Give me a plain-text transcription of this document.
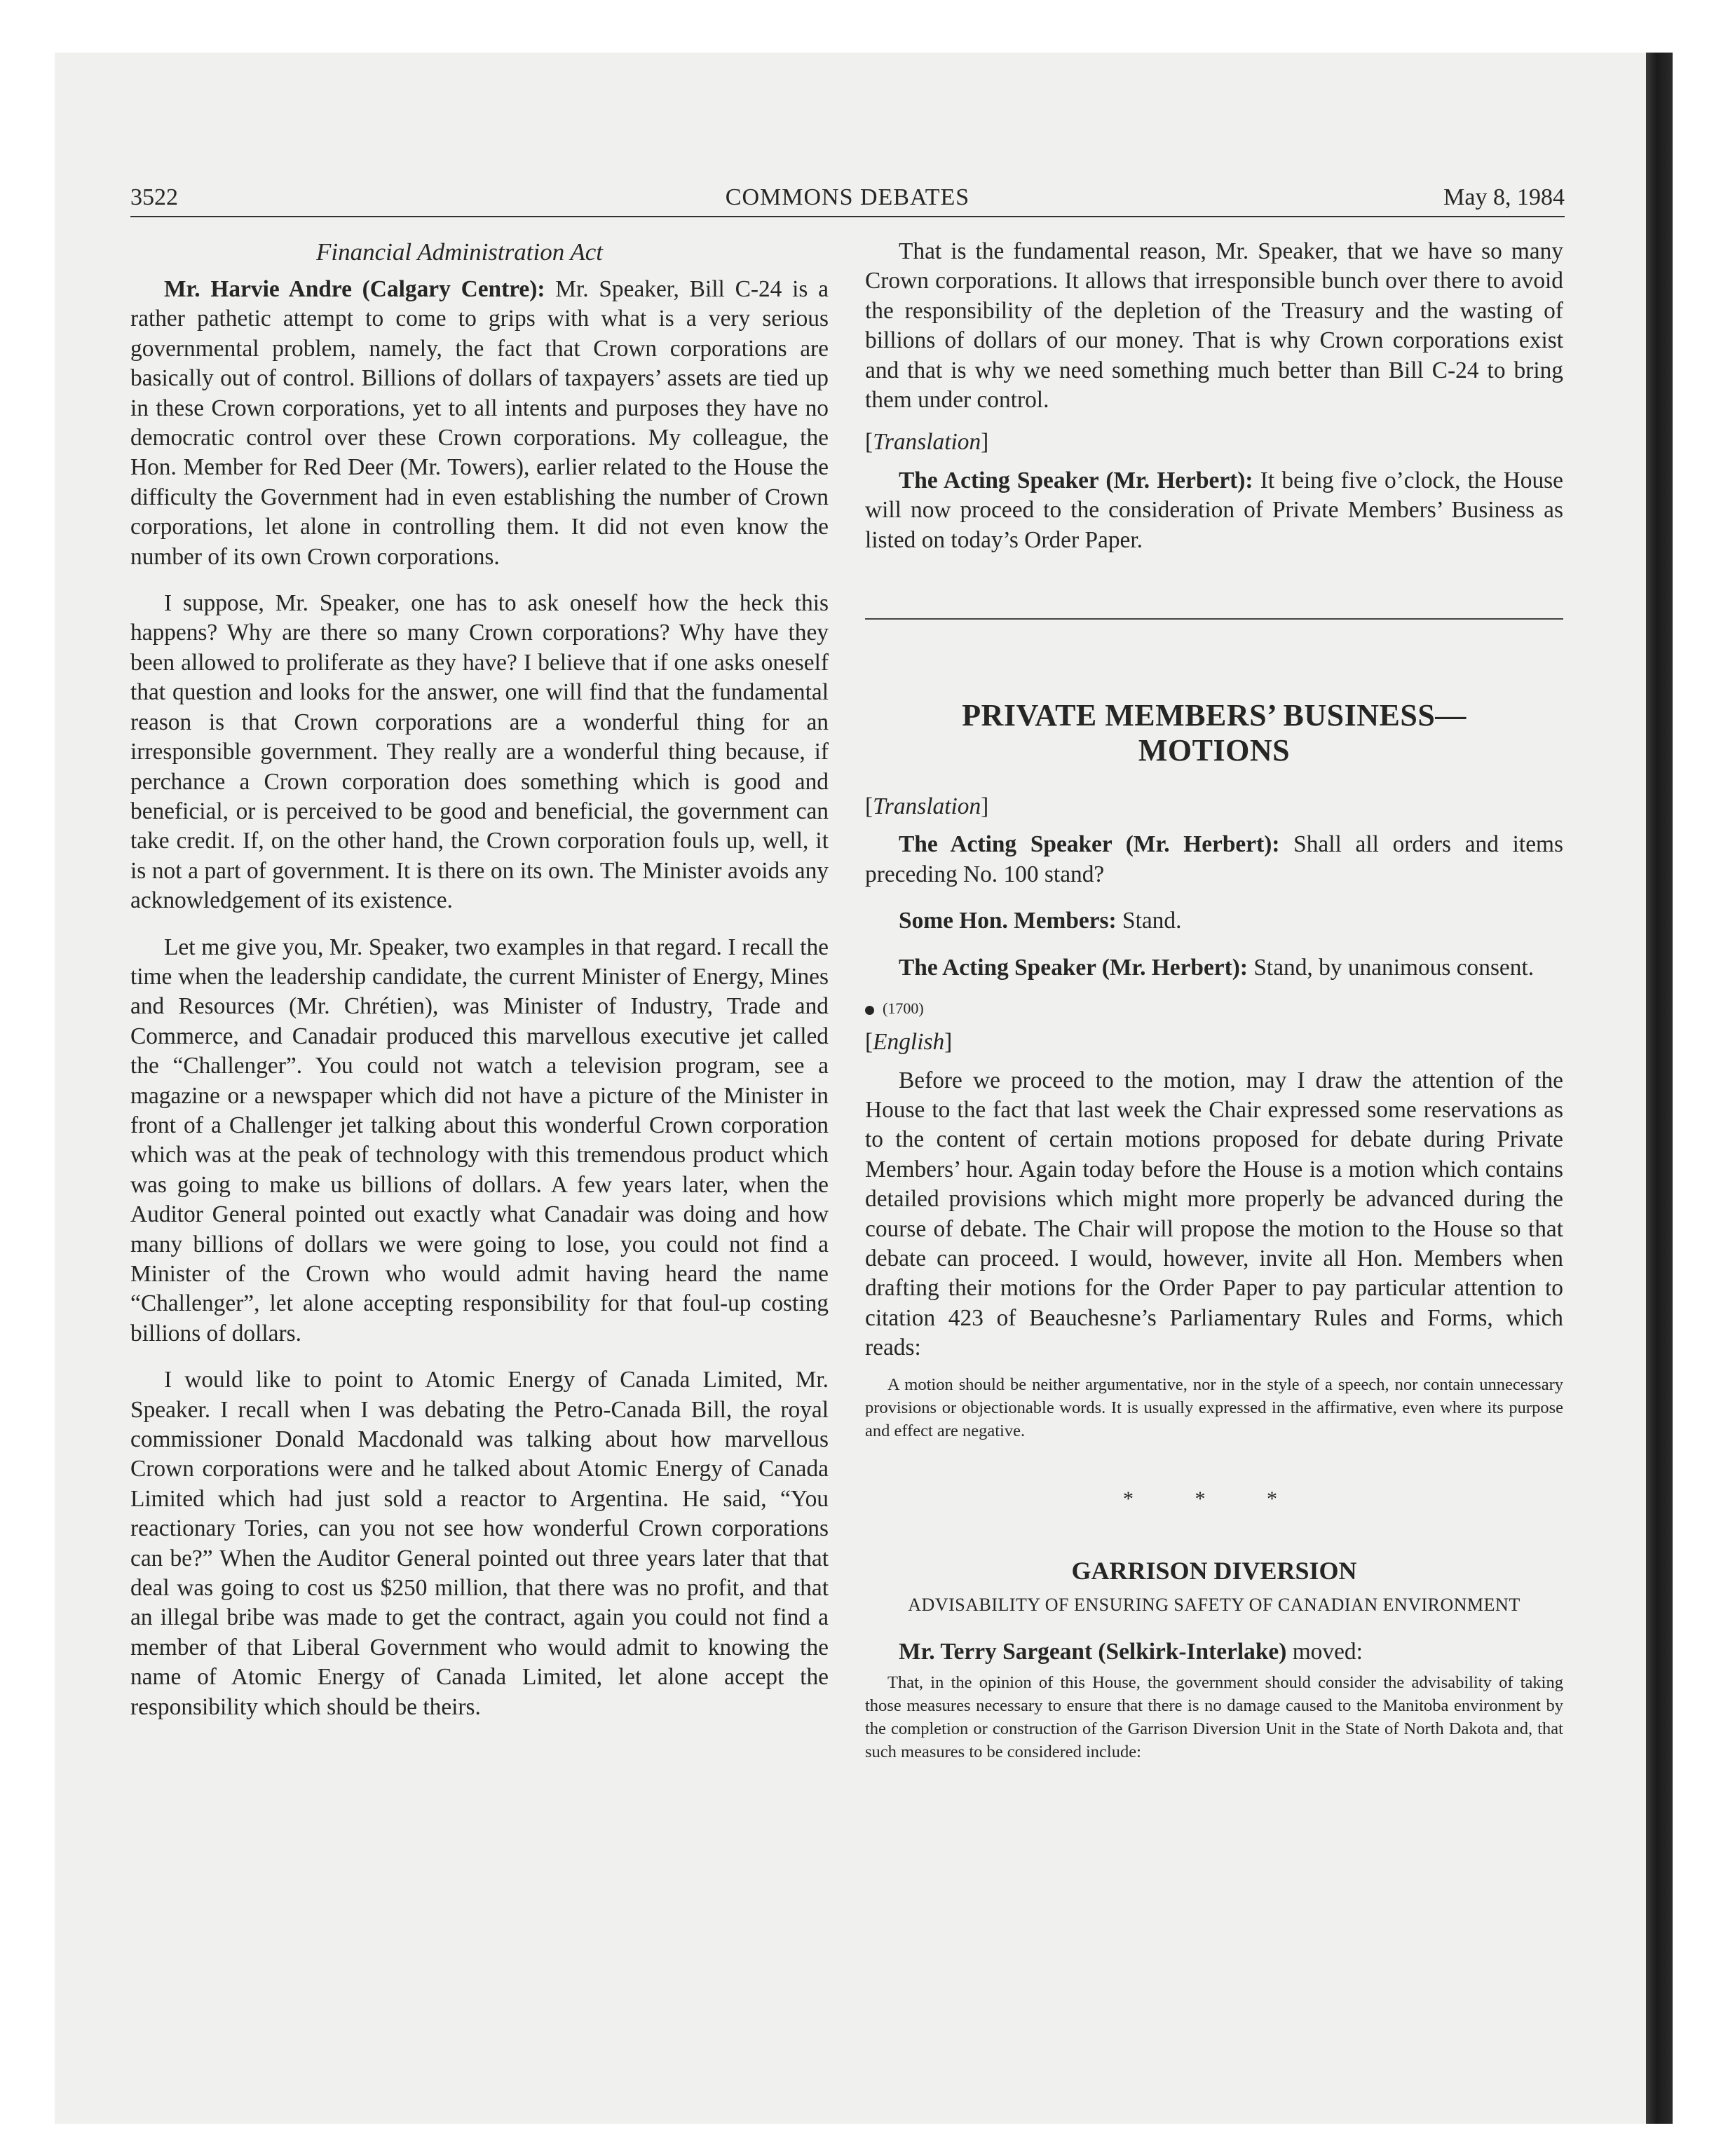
3522	COMMONS DEBATES	May 8, 1984
Financial Administration Act

Mr. Harvie Andre (Calgary Centre): Mr. Speaker, Bill C-24 is a rather pathetic attempt to come to grips with what is a very serious governmental problem, namely, the fact that Crown corporations are basically out of control. Billions of dollars of taxpayers’ assets are tied up in these Crown corporations, yet to all intents and purposes they have no democratic control over these Crown corporations. My colleague, the Hon. Member for Red Deer (Mr. Towers), earlier related to the House the difficulty the Government had in even establishing the number of Crown corporations, let alone in controlling them. It did not even know the number of its own Crown corporations.

I suppose, Mr. Speaker, one has to ask oneself how the heck this happens? Why are there so many Crown corporations? Why have they been allowed to proliferate as they have? I believe that if one asks oneself that question and looks for the answer, one will find that the fundamental reason is that Crown corporations are a wonderful thing for an irresponsible government. They really are a wonderful thing because, if perchance a Crown corporation does something which is good and beneficial, or is perceived to be good and beneficial, the government can take credit. If, on the other hand, the Crown corporation fouls up, well, it is not a part of government. It is there on its own. The Minister avoids any acknowledgement of its existence.

Let me give you, Mr. Speaker, two examples in that regard. I recall the time when the leadership candidate, the current Minister of Energy, Mines and Resources (Mr. Chrétien), was Minister of Industry, Trade and Commerce, and Canadair produced this marvellous executive jet called the “Challenger”. You could not watch a television program, see a magazine or a newspaper which did not have a picture of the Minister in front of a Challenger jet talking about this wonderful Crown corporation which was at the peak of technology with this tremendous product which was going to make us billions of dollars. A few years later, when the Auditor General pointed out exactly what Canadair was doing and how many billions of dollars we were going to lose, you could not find a Minister of the Crown who would admit having heard the name “Challenger”, let alone accepting responsibility for that foul-up costing billions of dollars.

I would like to point to Atomic Energy of Canada Limited, Mr. Speaker. I recall when I was debating the Petro-Canada Bill, the royal commissioner Donald Macdonald was talking about how marvellous Crown corporations were and he talked about Atomic Energy of Canada Limited which had just sold a reactor to Argentina. He said, “You reactionary Tories, can you not see how wonderful Crown corporations can be?” When the Auditor General pointed out three years later that that deal was going to cost us $250 million, that there was no profit, and that an illegal bribe was made to get the contract, again you could not find a member of that Liberal Government who would admit to knowing the name of Atomic Energy of Canada Limited, let alone accept the responsibility which should be theirs.

That is the fundamental reason, Mr. Speaker, that we have so many Crown corporations. It allows that irresponsible bunch over there to avoid the responsibility of the depletion of the Treasury and the wasting of billions of dollars of our money. That is why Crown corporations exist and that is why we need something much better than Bill C-24 to bring them under control.

[Translation]

The Acting Speaker (Mr. Herbert): It being five o’clock, the House will now proceed to the consideration of Private Members’ Business as listed on today’s Order Paper.

PRIVATE MEMBERS’ BUSINESS—
MOTIONS
[Translation]

The Acting Speaker (Mr. Herbert): Shall all orders and items preceding No. 100 stand?

Some Hon. Members: Stand.

The Acting Speaker (Mr. Herbert): Stand, by unanimous consent.

(1700)
[English]

Before we proceed to the motion, may I draw the attention of the House to the fact that last week the Chair expressed some reservations as to the content of certain motions proposed for debate during Private Members’ hour. Again today before the House is a motion which contains detailed provisions which might more properly be advanced during the course of debate. The Chair will propose the motion to the House so that debate can proceed. I would, however, invite all Hon. Members when drafting their motions for the Order Paper to pay particular attention to citation 423 of Beauchesne’s Parliamentary Rules and Forms, which reads:

A motion should be neither argumentative, nor in the style of a speech, nor contain unnecessary provisions or objectionable words. It is usually expressed in the affirmative, even where its purpose and effect are negative.

* * *
GARRISON DIVERSION
ADVISABILITY OF ENSURING SAFETY OF CANADIAN ENVIRONMENT

Mr. Terry Sargeant (Selkirk-Interlake) moved:

That, in the opinion of this House, the government should consider the advisability of taking those measures necessary to ensure that there is no damage caused to the Manitoba environment by the completion or construction of the Garrison Diversion Unit in the State of North Dakota and, that such measures to be considered include:
